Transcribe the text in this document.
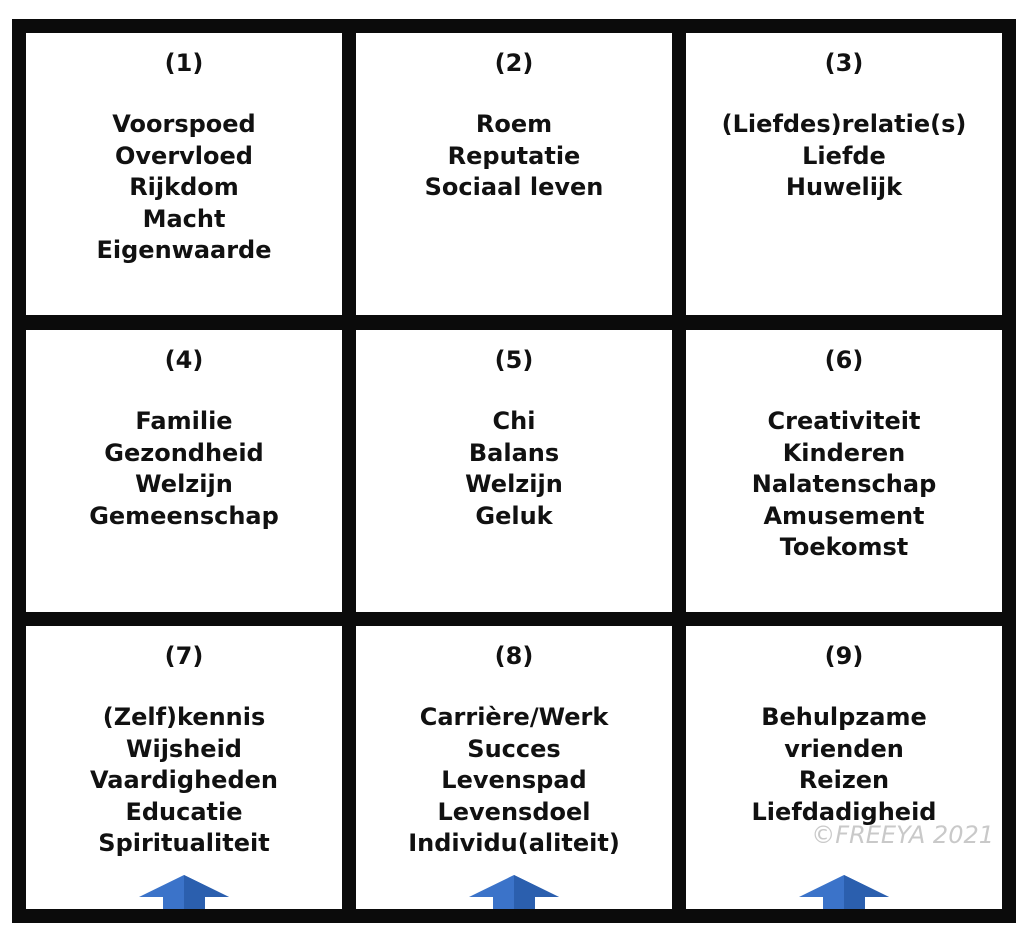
(1)
Voorspoed
Overvloed
Rijkdom
Macht
Eigenwaarde
(2)
Roem
Reputatie
Sociaal leven
(3)
(Liefdes)relatie(s)
Liefde
Huwelijk
(4)
Familie
Gezondheid
Welzijn
Gemeenschap
(5)
Chi
Balans
Welzijn
Geluk
(6)
Creativiteit
Kinderen
Nalatenschap
Amusement
Toekomst
(7)
(Zelf)kennis
Wijsheid
Vaardigheden
Educatie
Spiritualiteit
(8)
Carrière/Werk
Succes
Levenspad
Levensdoel
Individu(aliteit)
(9)
Behulpzame
vrienden
Reizen
Liefdadigheid
©FREEYA 2021
